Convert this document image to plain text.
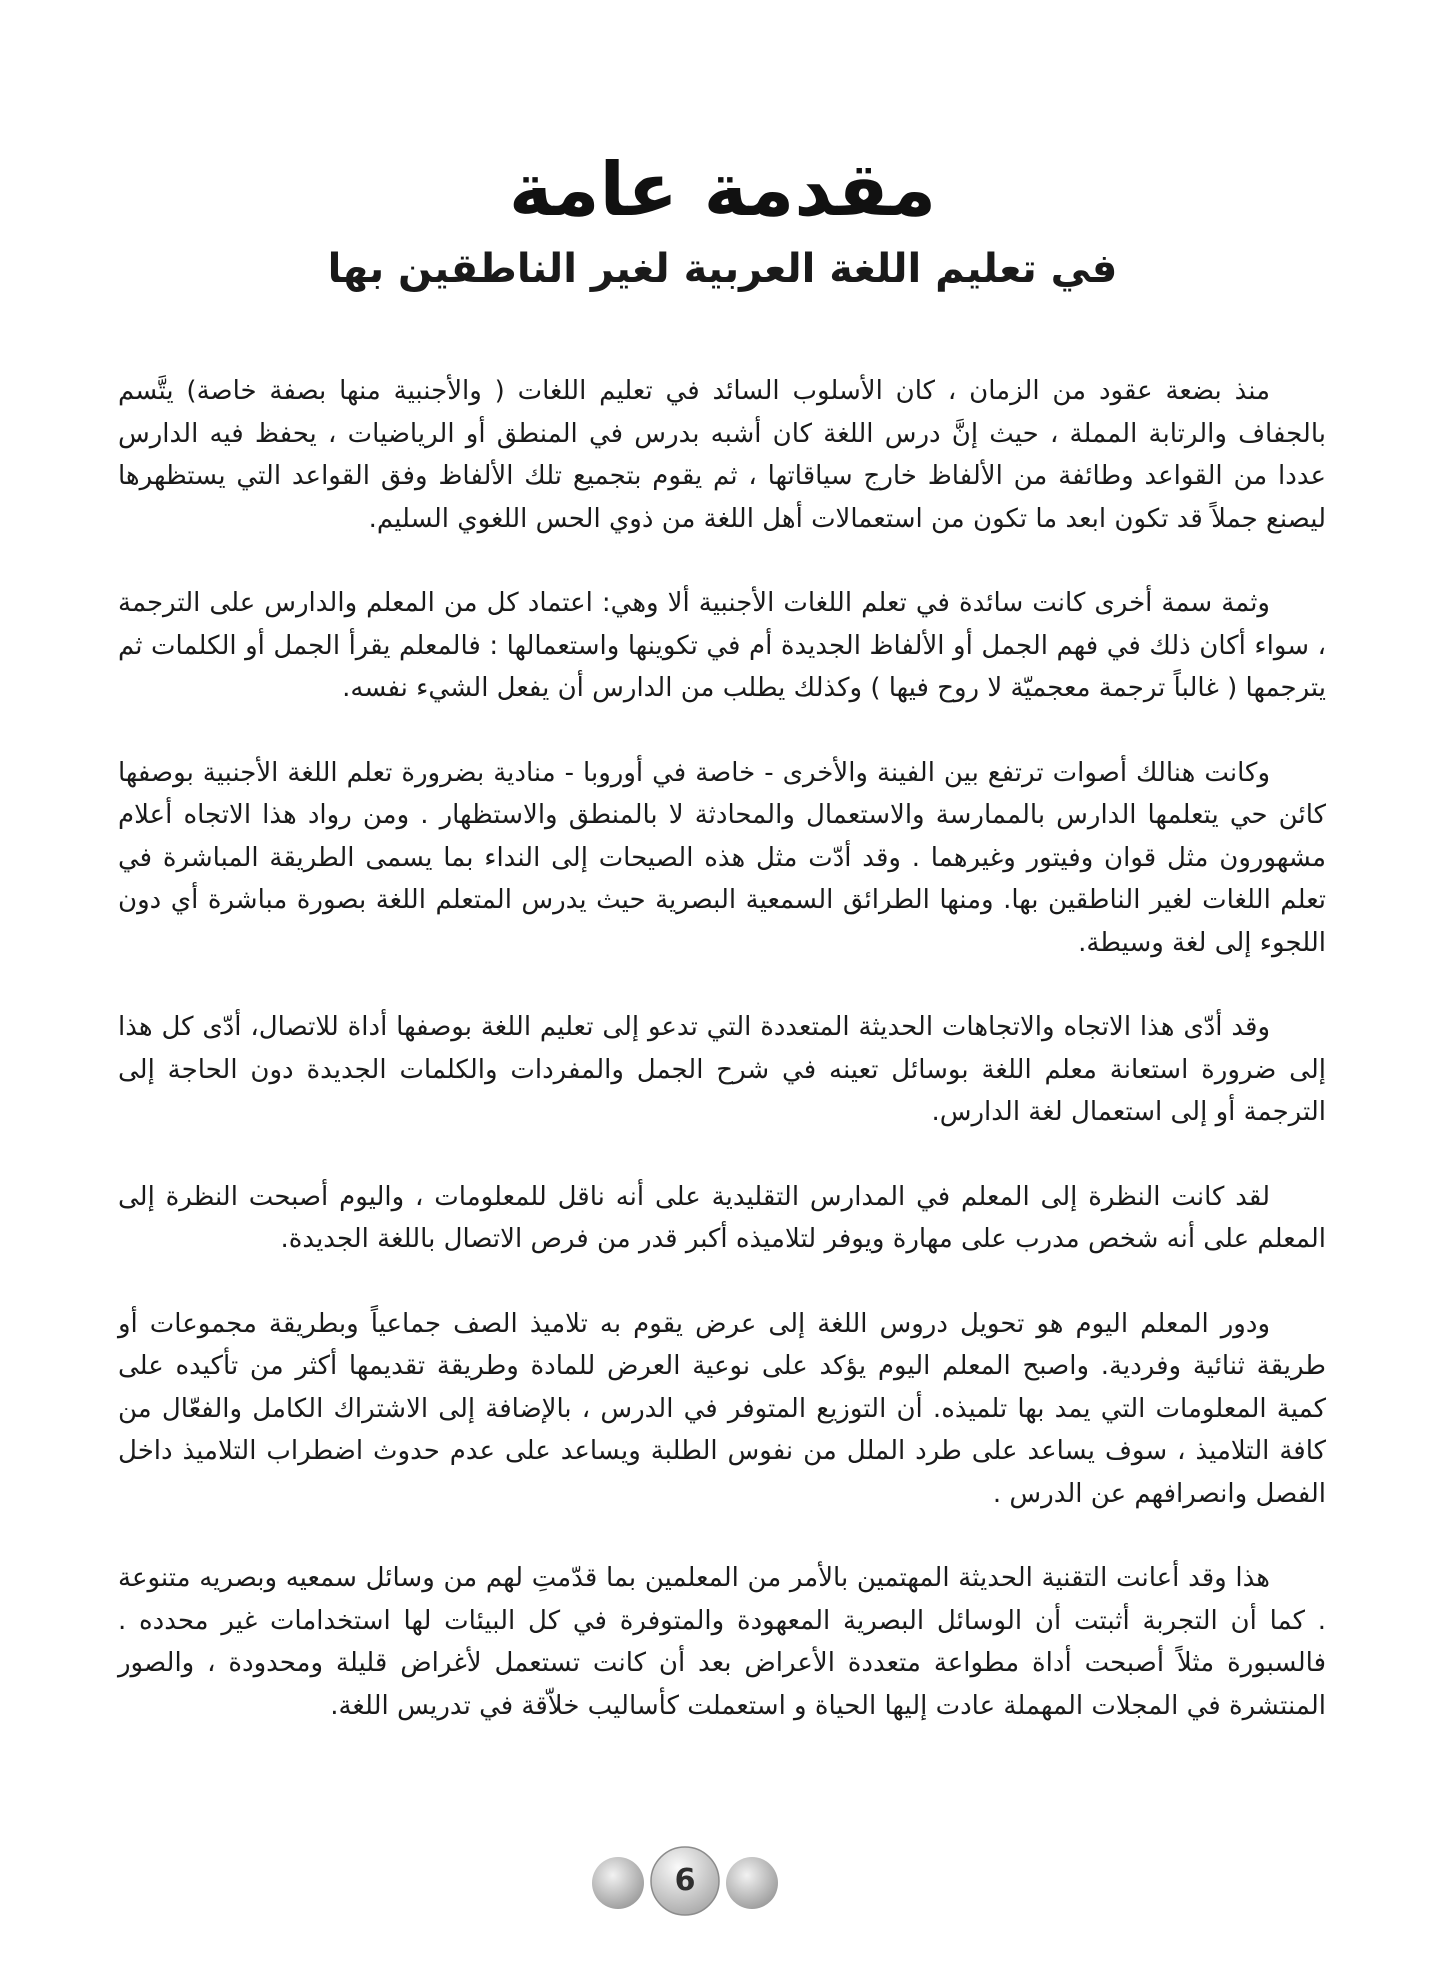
مقدمة عامة
في تعليم اللغة العربية لغير الناطقين بها

منذ بضعة عقود من الزمان ، كان الأسلوب السائد في تعليم اللغات ( والأجنبية منها بصفة خاصة) يتَّسم بالجفاف والرتابة المملة ، حيث إنَّ درس اللغة كان أشبه بدرس في المنطق أو الرياضيات ، يحفظ فيه الدارس عددا من القواعد وطائفة من الألفاظ خارج سياقاتها ، ثم يقوم بتجميع تلك الألفاظ وفق القواعد التي يستظهرها ليصنع جملاً قد تكون ابعد ما تكون من استعمالات أهل اللغة من ذوي الحس اللغوي السليم.

وثمة سمة أخرى كانت سائدة في تعلم اللغات الأجنبية ألا وهي: اعتماد كل من المعلم والدارس على الترجمة ، سواء أكان ذلك في فهم الجمل أو الألفاظ الجديدة أم في تكوينها واستعمالها : فالمعلم يقرأ الجمل أو الكلمات ثم يترجمها ( غالباً ترجمة معجميّة لا روح فيها ) وكذلك يطلب من الدارس أن يفعل الشيء نفسه.

وكانت هنالك أصوات ترتفع بين الفينة والأخرى - خاصة في أوروبا - منادية بضرورة تعلم اللغة الأجنبية بوصفها كائن حي يتعلمها الدارس بالممارسة والاستعمال والمحادثة لا بالمنطق والاستظهار . ومن رواد هذا الاتجاه أعلام مشهورون مثل قوان وفيتور وغيرهما . وقد أدّت مثل هذه الصيحات إلى النداء بما يسمى الطريقة المباشرة في تعلم اللغات لغير الناطقين بها. ومنها الطرائق السمعية البصرية حيث يدرس المتعلم اللغة بصورة مباشرة أي دون اللجوء إلى لغة وسيطة.

وقد أدّى هذا الاتجاه والاتجاهات الحديثة المتعددة التي تدعو إلى تعليم اللغة بوصفها أداة للاتصال، أدّى كل هذا إلى ضرورة استعانة معلم اللغة بوسائل تعينه في شرح الجمل والمفردات والكلمات الجديدة دون الحاجة إلى الترجمة أو إلى استعمال لغة الدارس.

لقد كانت النظرة إلى المعلم في المدارس التقليدية على أنه ناقل للمعلومات ، واليوم أصبحت النظرة إلى المعلم على أنه شخص مدرب على مهارة ويوفر لتلاميذه أكبر قدر من فرص الاتصال باللغة الجديدة.

ودور المعلم اليوم هو تحويل دروس اللغة إلى عرض يقوم به تلاميذ الصف جماعياً وبطريقة مجموعات أو طريقة ثنائية وفردية. واصبح المعلم اليوم يؤكد على نوعية العرض للمادة وطريقة تقديمها أكثر من تأكيده على كمية المعلومات التي يمد بها تلميذه. أن التوزيع المتوفر في الدرس ، بالإضافة إلى الاشتراك الكامل والفعّال من كافة التلاميذ ، سوف يساعد على طرد الملل من نفوس الطلبة ويساعد على عدم حدوث اضطراب التلاميذ داخل الفصل وانصرافهم عن الدرس .

هذا وقد أعانت التقنية الحديثة المهتمين بالأمر من المعلمين بما قدّمتِ لهم من وسائل سمعيه وبصريه متنوعة . كما أن التجربة أثبتت أن الوسائل البصرية المعهودة والمتوفرة في كل البيئات لها استخدامات غير محدده . فالسبورة مثلاً أصبحت أداة مطواعة متعددة الأعراض بعد أن كانت تستعمل لأغراض قليلة ومحدودة ، والصور المنتشرة في المجلات المهملة عادت إليها الحياة و استعملت كأساليب خلاّقة في تدريس اللغة.

6
